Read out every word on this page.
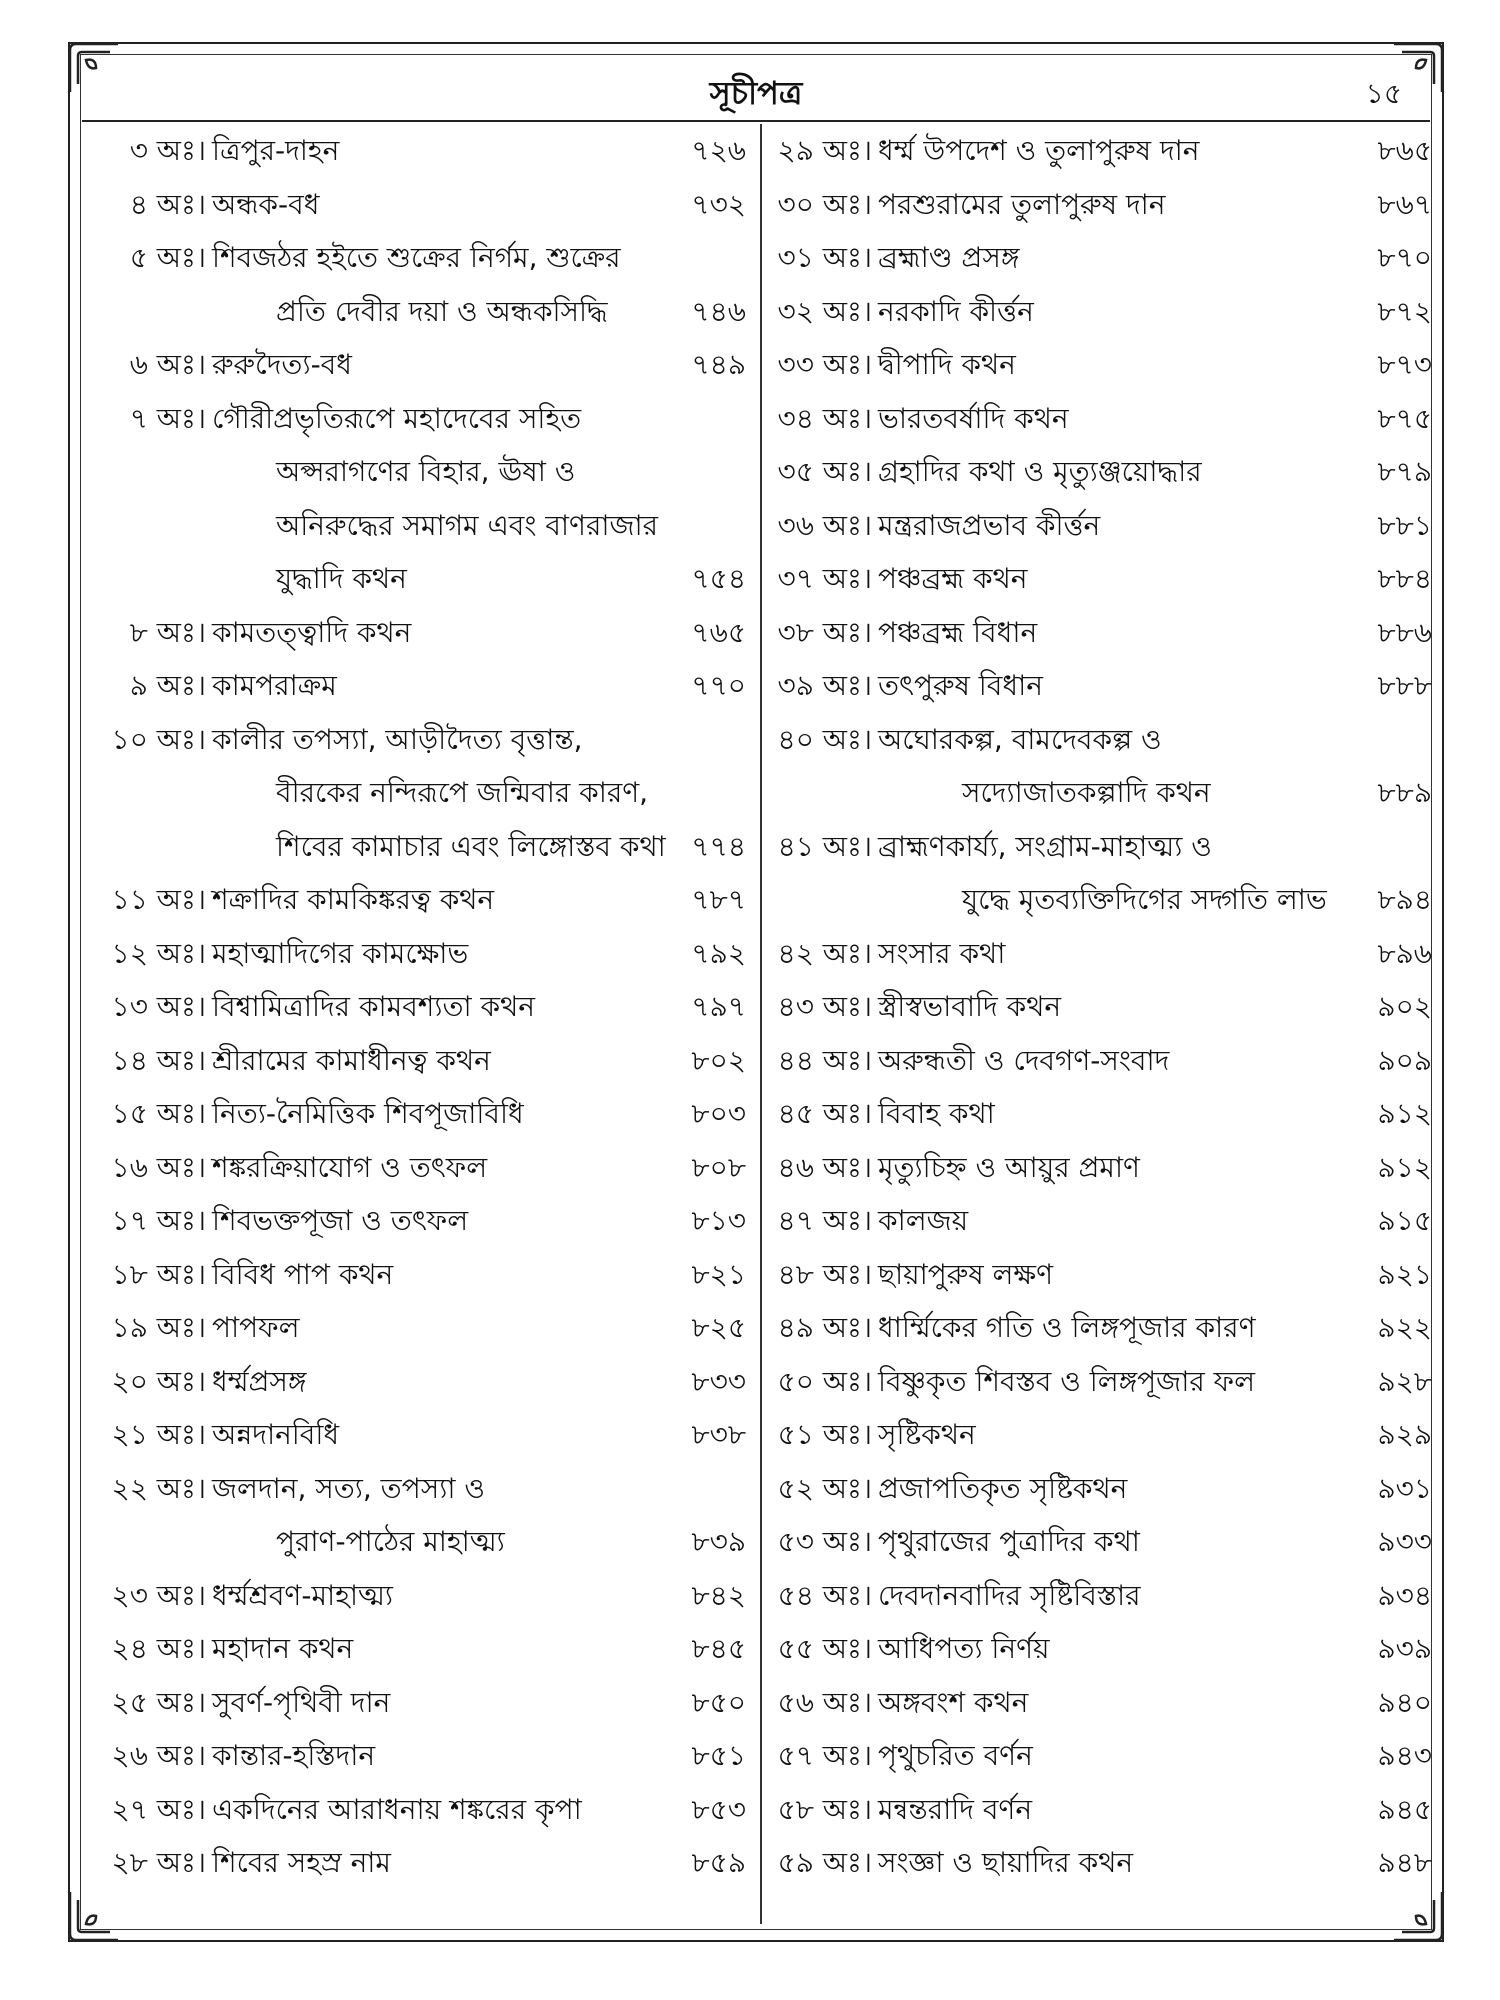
সূচীপত্র	১৫
৩ অঃ। ত্রিপুর-দাহন	৭২৬
৪ অঃ। অন্ধক-বধ	৭৩২
৫ অঃ। শিবজঠর হইতে শুক্রের নির্গম, শুক্রের
প্রতি দেবীর দয়া ও অন্ধকসিদ্ধি	৭৪৬
৬ অঃ। রুরুদৈত্য-বধ	৭৪৯
৭ অঃ। গৌরীপ্রভৃতিরূপে মহাদেবের সহিত
অপ্সরাগণের বিহার, ঊষা ও
অনিরুদ্ধের সমাগম এবং বাণরাজার
যুদ্ধাদি কথন	৭৫৪
৮ অঃ। কামতত্ত্বাদি কথন	৭৬৫
৯ অঃ। কামপরাক্রম	৭৭০
১০ অঃ। কালীর তপস্যা, আড়ীদৈত্য বৃত্তান্ত,
বীরকের নন্দিরূপে জন্মিবার কারণ,
শিবের কামাচার এবং লিঙ্গোস্তব কথা ৭৭৪
১১ অঃ। শক্রাদির কামকিঙ্করত্ব কথন	৭৮৭
১২ অঃ। মহাত্মাদিগের কামক্ষোভ	৭৯২
১৩ অঃ। বিশ্বামিত্রাদির কামবশ্যতা কথন	৭৯৭
১৪ অঃ। শ্রীরামের কামাধীনত্ব কথন	৮০২
১৫ অঃ। নিত্য-নৈমিত্তিক শিবপূজাবিধি	৮০৩
১৬ অঃ। শঙ্করক্রিয়াযোগ ও তৎফল	৮০৮
১৭ অঃ। শিবভক্তপূজা ও তৎফল	৮১৩
১৮ অঃ। বিবিধ পাপ কথন	৮২১
১৯ অঃ। পাপফল	৮২৫
২০ অঃ। ধর্ম্মপ্রসঙ্গ	৮৩৩
২১ অঃ। অন্নদানবিধি	৮৩৮
২২ অঃ। জলদান, সত্য, তপস্যা ও
পুরাণ-পাঠের মাহাত্ম্য	৮৩৯
২৩ অঃ। ধর্ম্মশ্রবণ-মাহাত্ম্য	৮৪২
২৪ অঃ। মহাদান কথন	৮৪৫
২৫ অঃ। সুবর্ণ-পৃথিবী দান	৮৫০
২৬ অঃ। কান্তার-হস্তিদান	৮৫১
২৭ অঃ। একদিনের আরাধনায় শঙ্করের কৃপা	৮৫৩
২৮ অঃ। শিবের সহস্র নাম	৮৫৯
২৯ অঃ। ধর্ম্ম উপদেশ ও তুলাপুরুষ দান	৮৬৫
৩০ অঃ। পরশুরামের তুলাপুরুষ দান	৮৬৭
৩১ অঃ। ব্রহ্মাণ্ড প্রসঙ্গ	৮৭০
৩২ অঃ। নরকাদি কীর্ত্তন	৮৭২
৩৩ অঃ। দ্বীপাদি কথন	৮৭৩
৩৪ অঃ। ভারতবর্ষাদি কথন	৮৭৫
৩৫ অঃ। গ্রহাদির কথা ও মৃত্যুঞ্জয়োদ্ধার	৮৭৯
৩৬ অঃ। মন্ত্ররাজপ্রভাব কীর্ত্তন	৮৮১
৩৭ অঃ। পঞ্চব্রহ্ম কথন	৮৮৪
৩৮ অঃ। পঞ্চব্রহ্ম বিধান	৮৮৬
৩৯ অঃ। তৎপুরুষ বিধান	৮৮৮
৪০ অঃ। অঘোরকল্প, বামদেবকল্প ও
সদ্যোজাতকল্পাদি কথন	৮৮৯
৪১ অঃ। ব্রাহ্মণকার্য্য, সংগ্রাম-মাহাত্ম্য ও
যুদ্ধে মৃতব্যক্তিদিগের সদ্গতি লাভ ৮৯৪
৪২ অঃ। সংসার কথা	৮৯৬
৪৩ অঃ। স্ত্রীস্বভাবাদি কথন	৯০২
৪৪ অঃ। অরুন্ধতী ও দেবগণ-সংবাদ	৯০৯
৪৫ অঃ। বিবাহ কথা	৯১২
৪৬ অঃ। মৃত্যুচিহ্ন ও আয়ুর প্রমাণ	৯১২
৪৭ অঃ। কালজয়	৯১৫
৪৮ অঃ। ছায়াপুরুষ লক্ষণ	৯২১
৪৯ অঃ। ধার্ম্মিকের গতি ও লিঙ্গপূজার কারণ	৯২২
৫০ অঃ। বিষ্ণুকৃত শিবস্তব ও লিঙ্গপূজার ফল	৯২৮
৫১ অঃ। সৃষ্টিকথন	৯২৯
৫২ অঃ। প্রজাপতিকৃত সৃষ্টিকথন	৯৩১
৫৩ অঃ। পৃথুরাজের পুত্রাদির কথা	৯৩৩
৫৪ অঃ। দেবদানবাদির সৃষ্টিবিস্তার	৯৩৪
৫৫ অঃ। আধিপত্য নির্ণয়	৯৩৯
৫৬ অঃ। অঙ্গবংশ কথন	৯৪০
৫৭ অঃ। পৃথুচরিত বর্ণন	৯৪৩
৫৮ অঃ। মন্বন্তরাদি বর্ণন	৯৪৫
৫৯ অঃ। সংজ্ঞা ও ছায়াদির কথন	৯৪৮
